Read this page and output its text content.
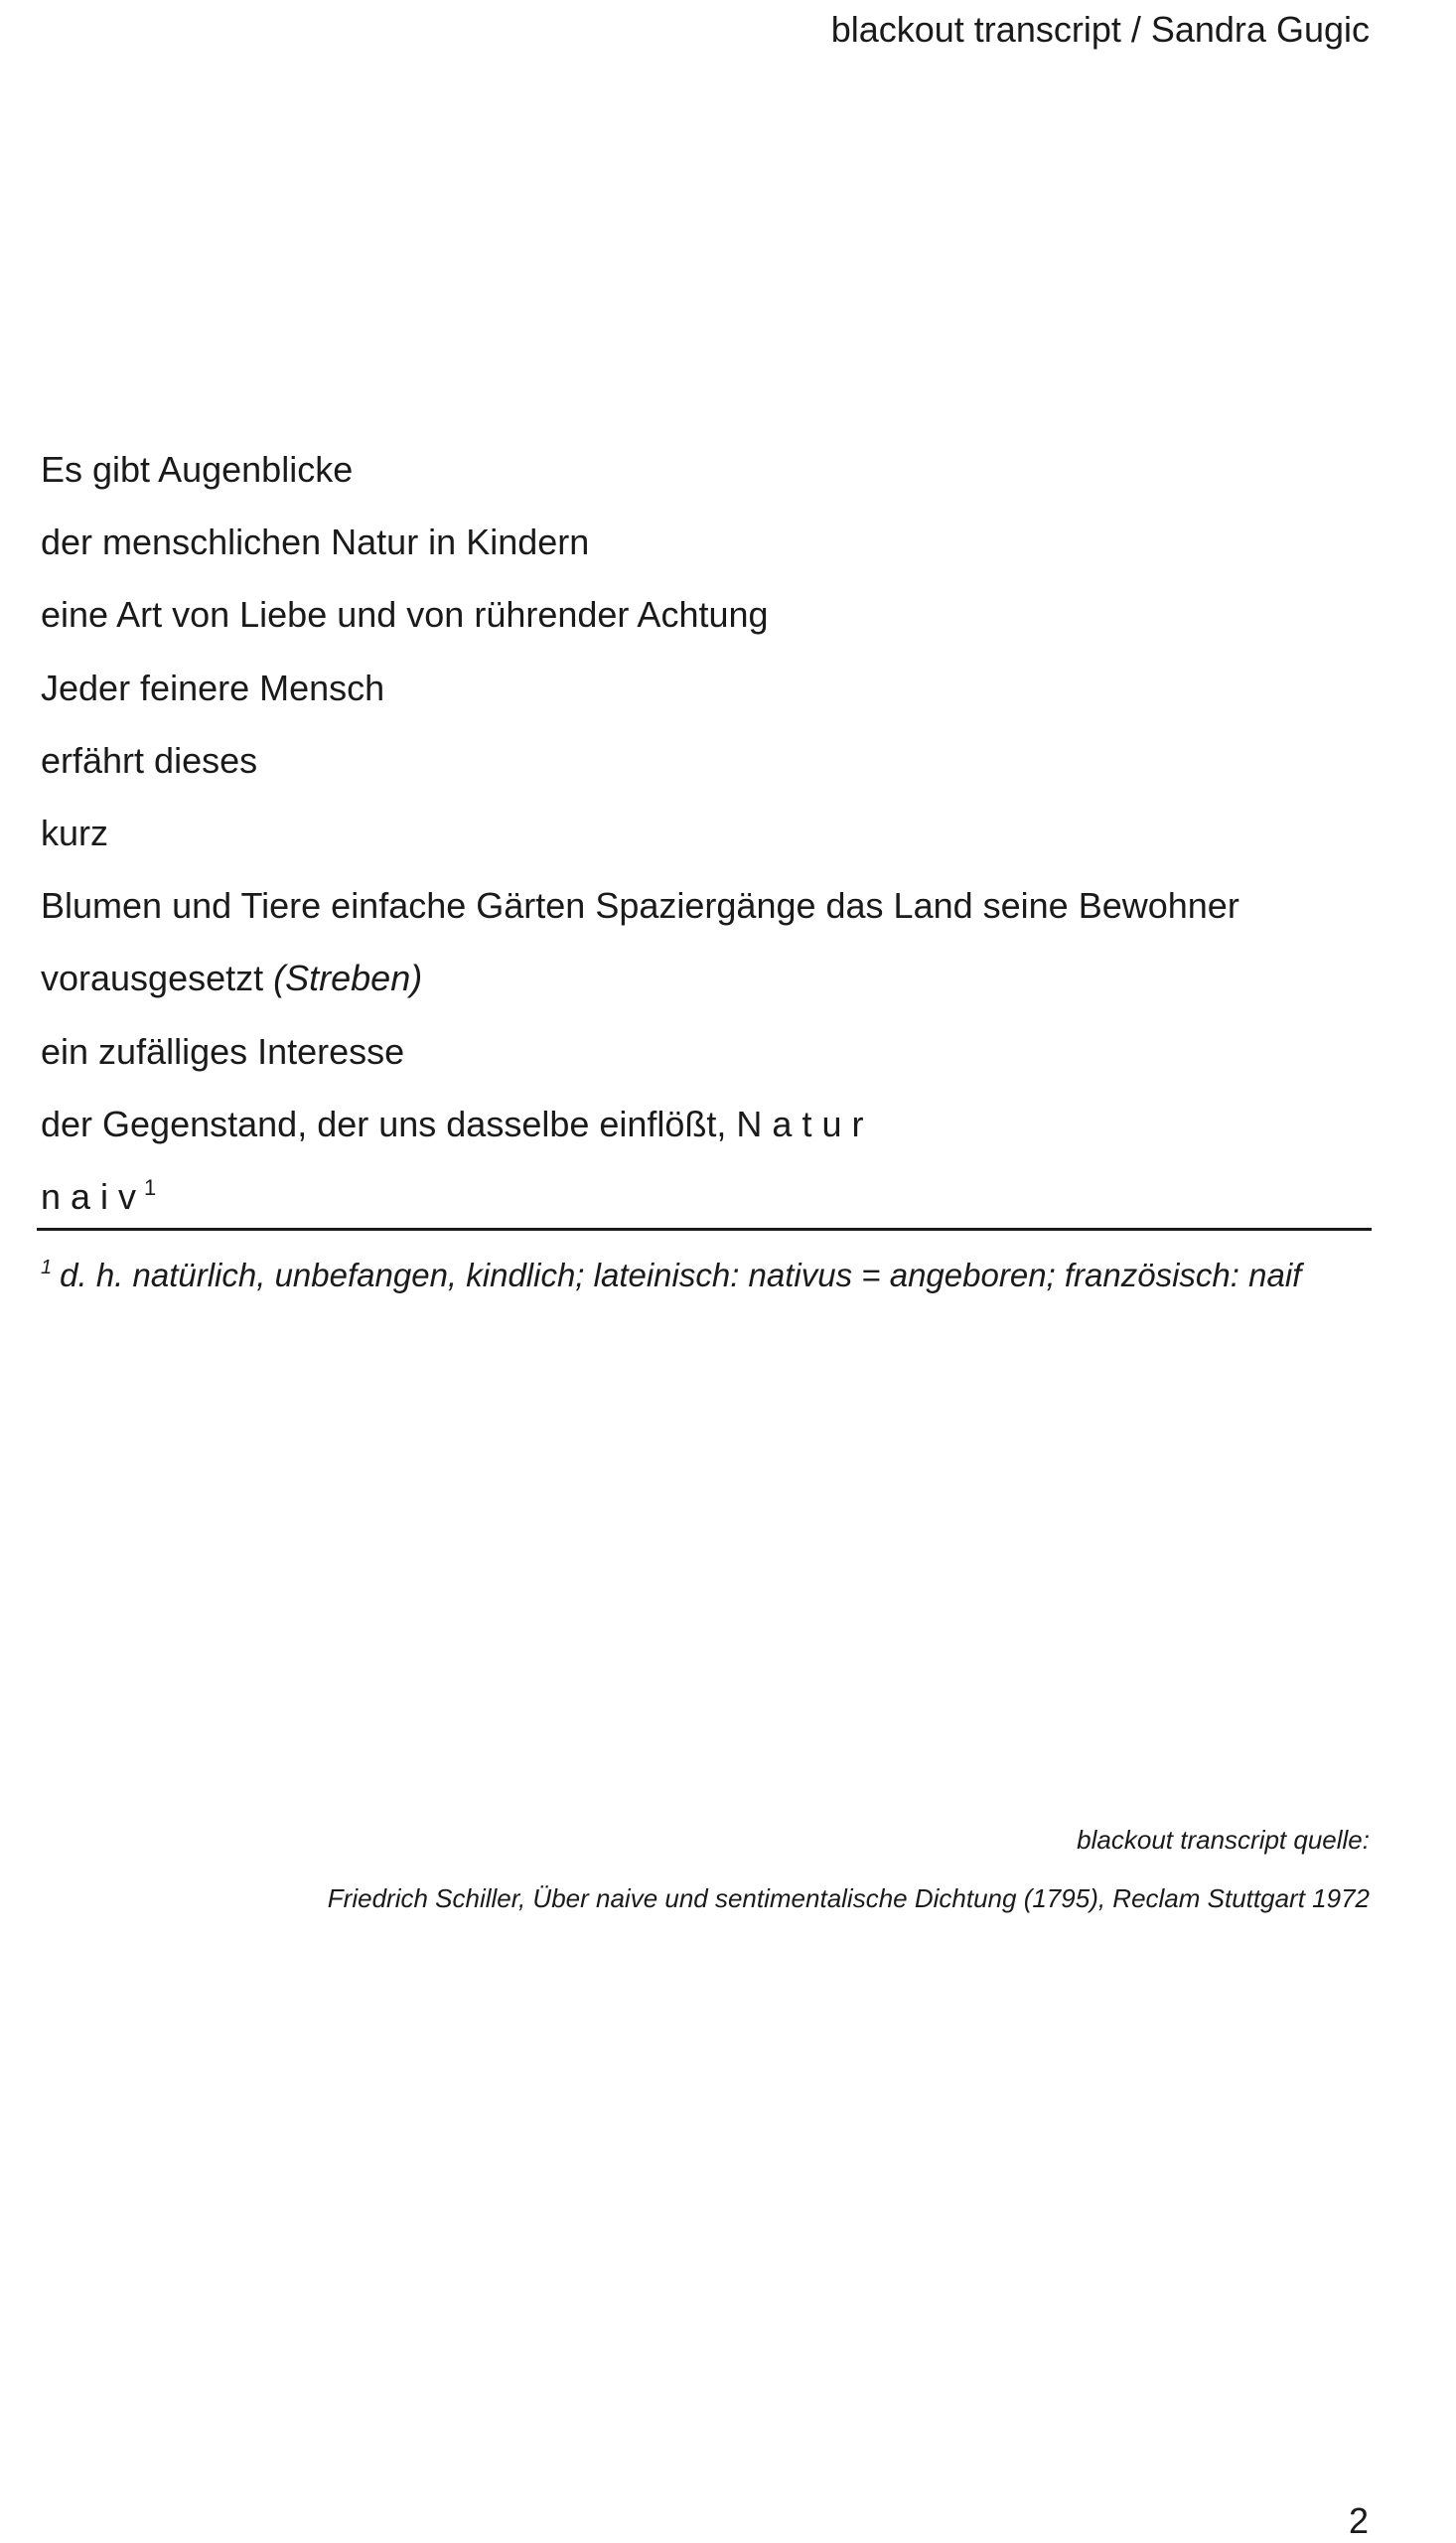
blackout transcript / Sandra Gugic
Es gibt Augenblicke
der menschlichen Natur in Kindern
eine Art von Liebe und von rührender Achtung
Jeder feinere Mensch
erfährt dieses
kurz
Blumen und Tiere einfache Gärten Spaziergänge das Land seine Bewohner
vorausgesetzt (Streben)
ein zufälliges Interesse
der Gegenstand, der uns dasselbe einflößt, N a t u r
n a i v $^1$
$^1$ d. h. natürlich, unbefangen, kindlich; lateinisch: nativus = angeboren; französisch: naif
blackout transcript quelle:
Friedrich Schiller, Über naive und sentimentalische Dichtung (1795), Reclam Stuttgart 1972
2
